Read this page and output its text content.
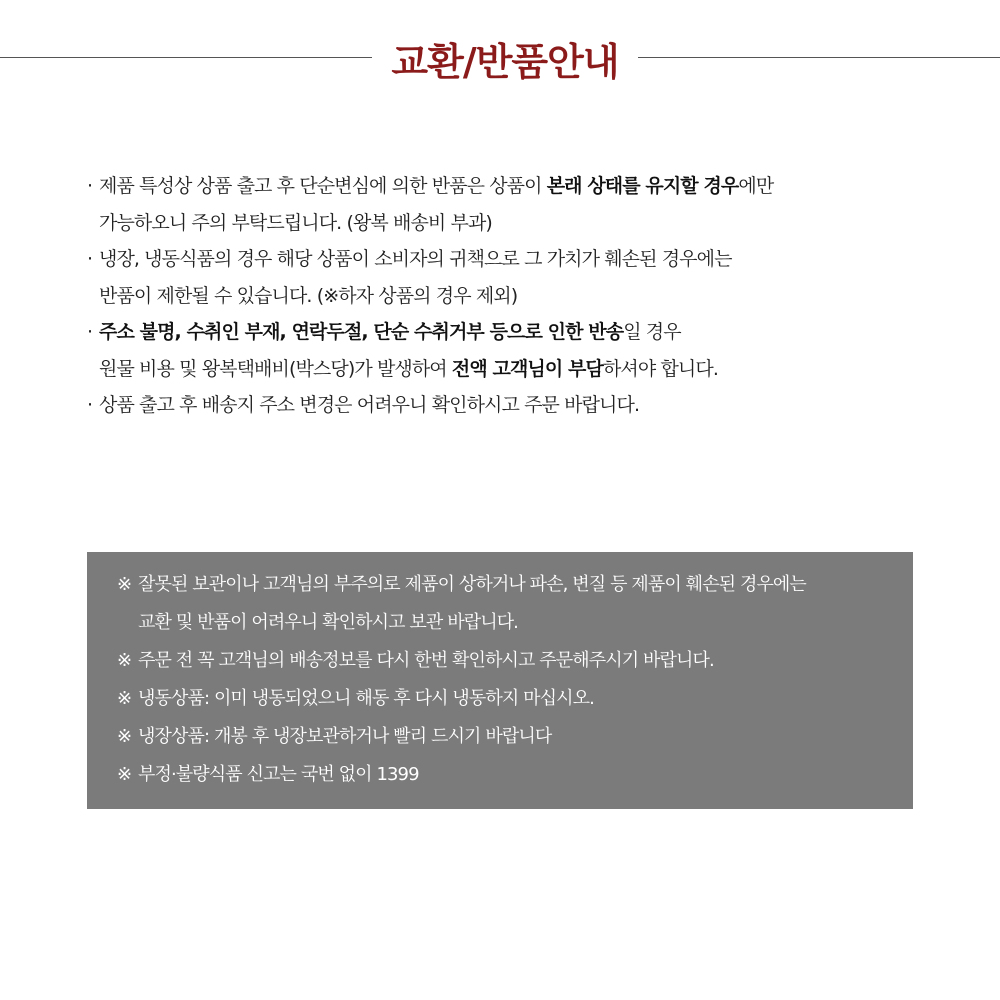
교환/반품안내
· 제품 특성상 상품 출고 후 단순변심에 의한 반품은 상품이 본래 상태를 유지할 경우에만
가능하오니 주의 부탁드립니다. (왕복 배송비 부과)
· 냉장, 냉동식품의 경우 해당 상품이 소비자의 귀책으로 그 가치가 훼손된 경우에는
반품이 제한될 수 있습니다. (※하자 상품의 경우 제외)
· 주소 불명, 수취인 부재, 연락두절, 단순 수취거부 등으로 인한 반송일 경우
원물 비용 및 왕복택배비(박스당)가 발생하여 전액 고객님이 부담하셔야 합니다.
· 상품 출고 후 배송지 주소 변경은 어려우니 확인하시고 주문 바랍니다.
※ 잘못된 보관이나 고객님의 부주의로 제품이 상하거나 파손, 변질 등 제품이 훼손된 경우에는
교환 및 반품이 어려우니 확인하시고 보관 바랍니다.
※ 주문 전 꼭 고객님의 배송정보를 다시 한번 확인하시고 주문해주시기 바랍니다.
※ 냉동상품: 이미 냉동되었으니 해동 후 다시 냉동하지 마십시오.
※ 냉장상품: 개봉 후 냉장보관하거나 빨리 드시기 바랍니다
※ 부정·불량식품 신고는 국번 없이 1399
